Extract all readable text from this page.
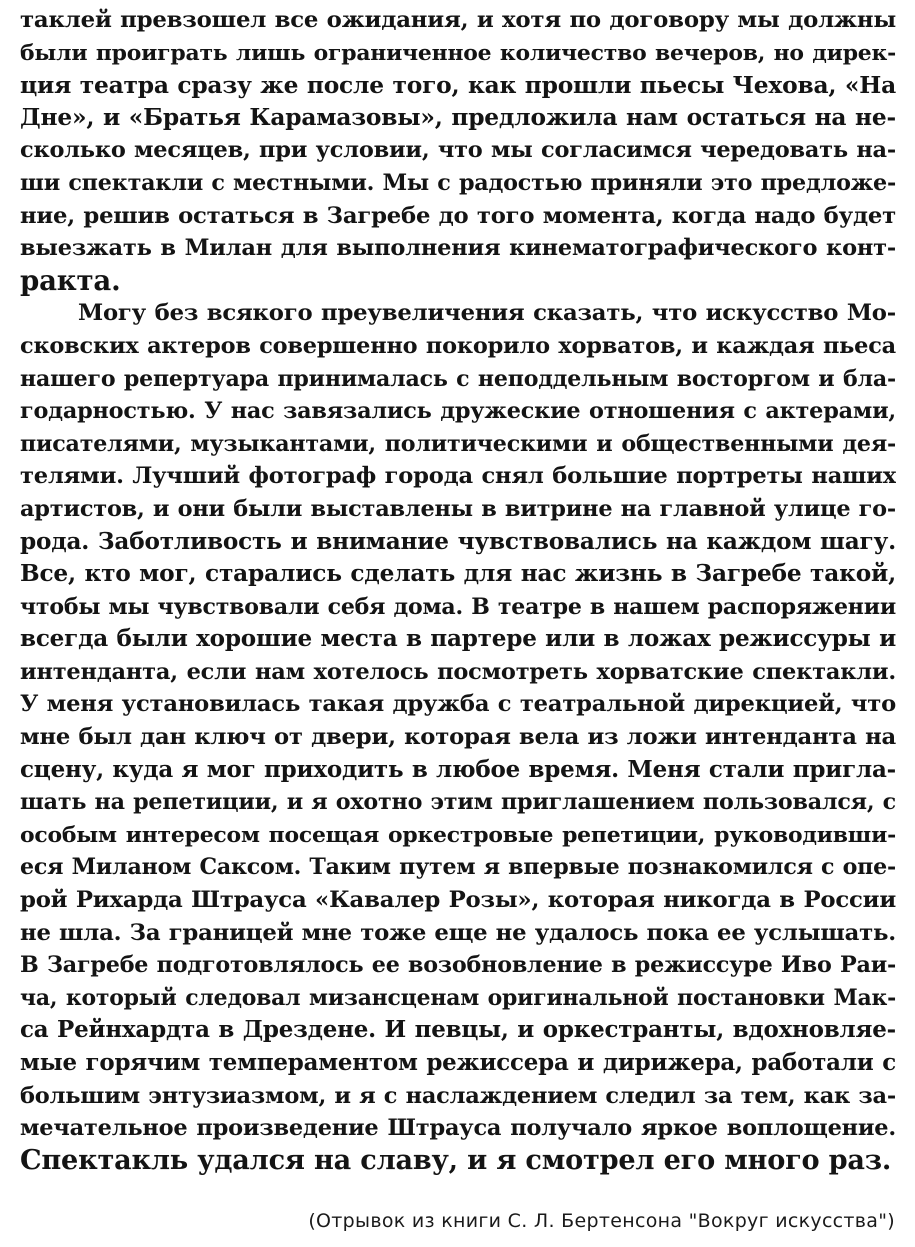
таклей превзошел все ожидания, и хотя по договору мы должны
были проиграть лишь ограниченное количество вечеров, но дирек-
ция театра сразу же после того, как прошли пьесы Чехова, «На
Дне», и «Братья Карамазовы», предложила нам остаться на не-
сколько месяцев, при условии, что мы согласимся чередовать на-
ши спектакли с местными. Мы с радостью приняли это предложе-
ние, решив остаться в Загребе до того момента, когда надо будет
выезжать в Милан для выполнения кинематографического конт-
ракта.
Могу без всякого преувеличения сказать, что искусство Мо-
сковских актеров совершенно покорило хорватов, и каждая пьеса
нашего репертуара принималась с неподдельным восторгом и бла-
годарностью. У нас завязались дружеские отношения с актерами,
писателями, музыкантами, политическими и общественными дея-
телями. Лучший фотограф города снял большие портреты наших
артистов, и они были выставлены в витрине на главной улице го-
рода. Заботливость и внимание чувствовались на каждом шагу.
Все, кто мог, старались сделать для нас жизнь в Загребе такой,
чтобы мы чувствовали себя дома. В театре в нашем распоряжении
всегда были хорошие места в партере или в ложах режиссуры и
интенданта, если нам хотелось посмотреть хорватские спектакли.
У меня установилась такая дружба с театральной дирекцией, что
мне был дан ключ от двери, которая вела из ложи интенданта на
сцену, куда я мог приходить в любое время. Меня стали пригла-
шать на репетиции, и я охотно этим приглашением пользовался, с
особым интересом посещая оркестровые репетиции, руководивши-
еся Миланом Саксом. Таким путем я впервые познакомился с опе-
рой Рихарда Штрауса «Кавалер Розы», которая никогда в России
не шла. За границей мне тоже еще не удалось пока ее услышать.
В Загребе подготовлялось ее возобновление в режиссуре Иво Раи-
ча, который следовал мизансценам оригинальной постановки Мак-
са Рейнхардта в Дрездене. И певцы, и оркестранты, вдохновляе-
мые горячим темпераментом режиссера и дирижера, работали с
большим энтузиазмом, и я с наслаждением следил за тем, как за-
мечательное произведение Штрауса получало яркое воплощение.
Спектакль удался на славу, и я смотрел его много раз.
(Отрывок из книги С. Л. Бертенсона "Вокруг искусства")
